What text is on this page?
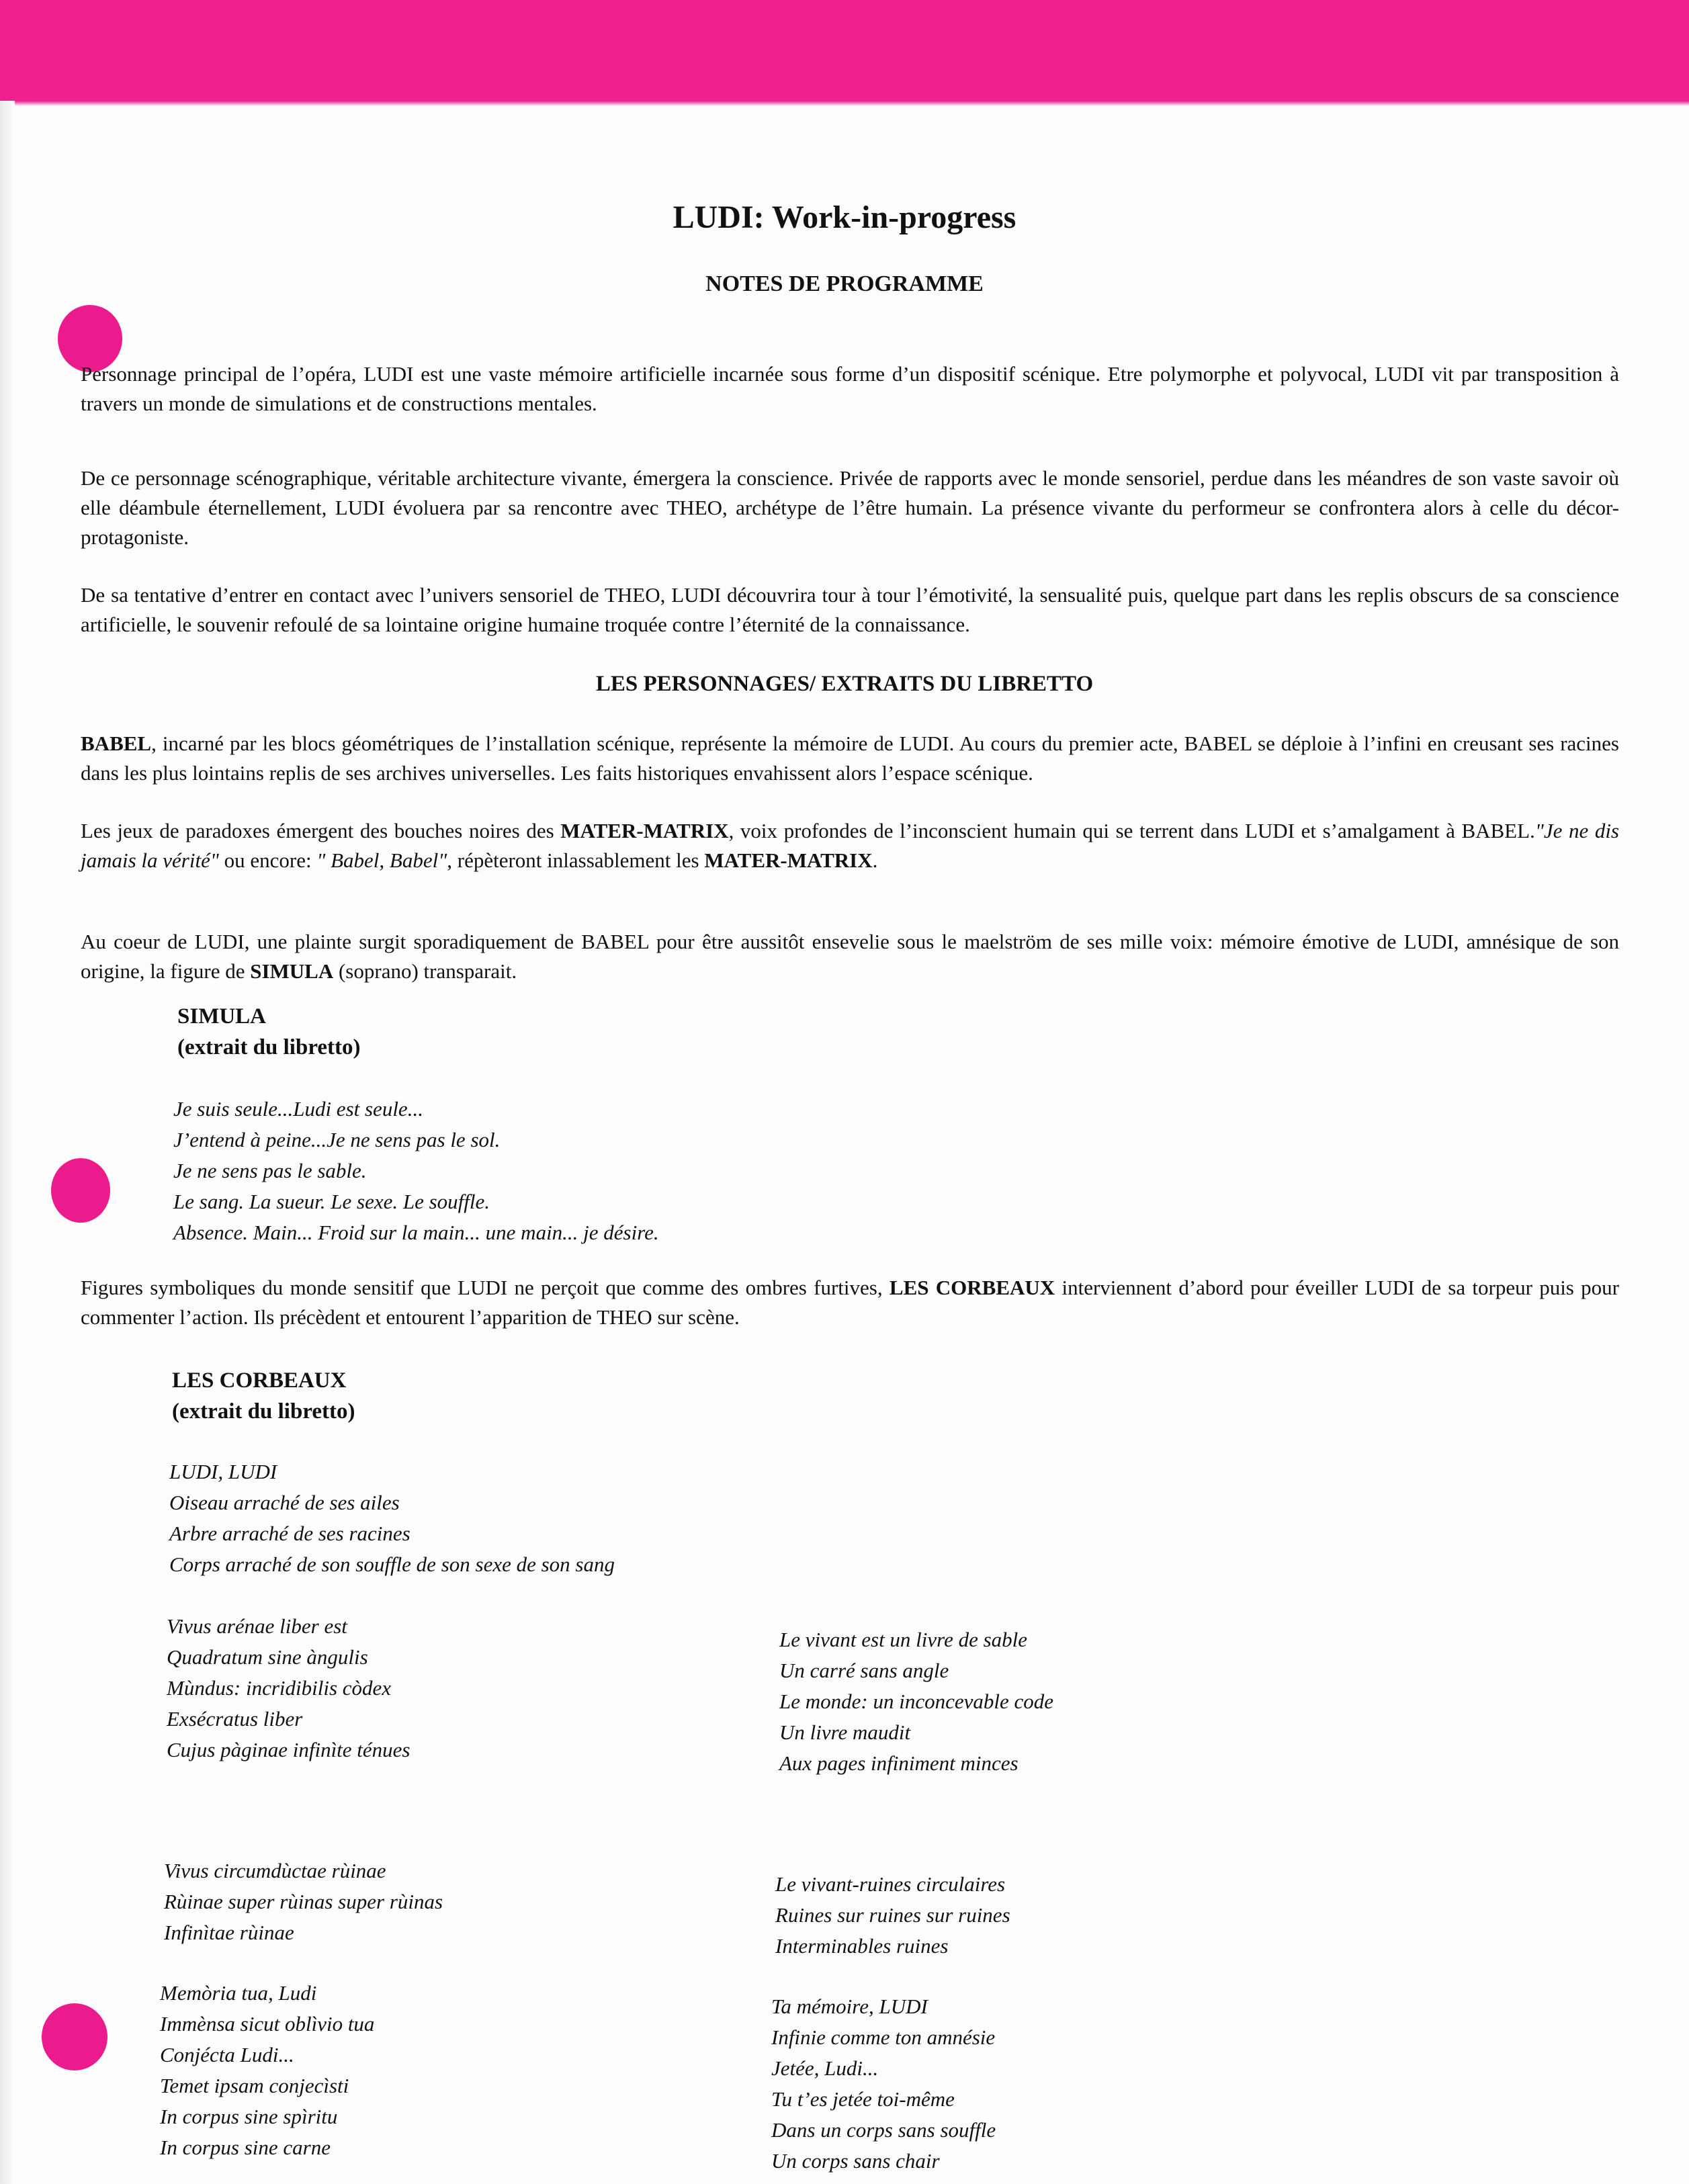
LUDI: Work-in-progress
NOTES DE PROGRAMME
Personnage principal de l’opéra, LUDI est une vaste mémoire artificielle incarnée sous forme d’un dispositif scénique. Etre polymorphe et polyvocal, LUDI vit par transposition à travers un monde de simulations et de constructions mentales.
De ce personnage scénographique, véritable architecture vivante, émergera la conscience. Privée de rapports avec le monde sensoriel, perdue dans les méandres de son vaste savoir où elle déambule éternellement, LUDI évoluera par sa rencontre avec THEO, archétype de l’être humain. La présence vivante du performeur se confrontera alors à celle du décor-protagoniste.
De sa tentative d’entrer en contact avec l’univers sensoriel de THEO, LUDI découvrira tour à tour l’émotivité, la sensualité puis, quelque part dans les replis obscurs de sa conscience artificielle, le souvenir refoulé de sa lointaine origine humaine troquée contre l’éternité de la connaissance.
LES PERSONNAGES/ EXTRAITS DU LIBRETTO
BABEL, incarné par les blocs géométriques de l’installation scénique, représente la mémoire de LUDI. Au cours du premier acte, BABEL se déploie à l’infini en creusant ses racines dans les plus lointains replis de ses archives universelles. Les faits historiques envahissent alors l’espace scénique.
Les jeux de paradoxes émergent des bouches noires des MATER-MATRIX, voix profondes de l’inconscient humain qui se terrent dans LUDI et s’amalgament à BABEL."Je ne dis jamais la vérité" ou encore: " Babel, Babel", répèteront inlassablement les MATER-MATRIX.
Au coeur de LUDI, une plainte surgit sporadiquement de BABEL pour être aussitôt ensevelie sous le maelström de ses mille voix: mémoire émotive de LUDI, amnésique de son origine, la figure de SIMULA (soprano) transparait.
SIMULA
(extrait du libretto)
Je suis seule...Ludi est seule...
J’entend à peine...Je ne sens pas le sol.
Je ne sens pas le sable.
Le sang. La sueur. Le sexe. Le souffle.
Absence. Main... Froid sur la main... une main... je désire.
Figures symboliques du monde sensitif que LUDI ne perçoit que comme des ombres furtives, LES CORBEAUX interviennent d’abord pour éveiller LUDI de sa torpeur puis pour commenter l’action. Ils précèdent et entourent l’apparition de THEO sur scène.
LES CORBEAUX
(extrait du libretto)
LUDI, LUDI
Oiseau arraché de ses ailes
Arbre arraché de ses racines
Corps arraché de son souffle de son sexe de son sang
Vivus arénae liber est
Quadratum sine àngulis
Mùndus: incridibilis còdex
Exsécratus liber
Cujus pàginae infinìte ténues
Le vivant est un livre de sable
Un carré sans angle
Le monde: un inconcevable code
Un livre maudit
Aux pages infiniment minces
Vivus circumdùctae rùinae
Rùinae super rùinas super rùinas
Infinìtae rùinae
Le vivant-ruines circulaires
Ruines sur ruines sur ruines
Interminables ruines
Memòria tua, Ludi
Immènsa sicut oblìvio tua
Conjécta Ludi...
Temet ipsam conjecìsti
In corpus sine spìritu
In corpus sine carne
Ta mémoire, LUDI
Infinie comme ton amnésie
Jetée, Ludi...
Tu t’es jetée toi-même
Dans un corps sans souffle
Un corps sans chair
